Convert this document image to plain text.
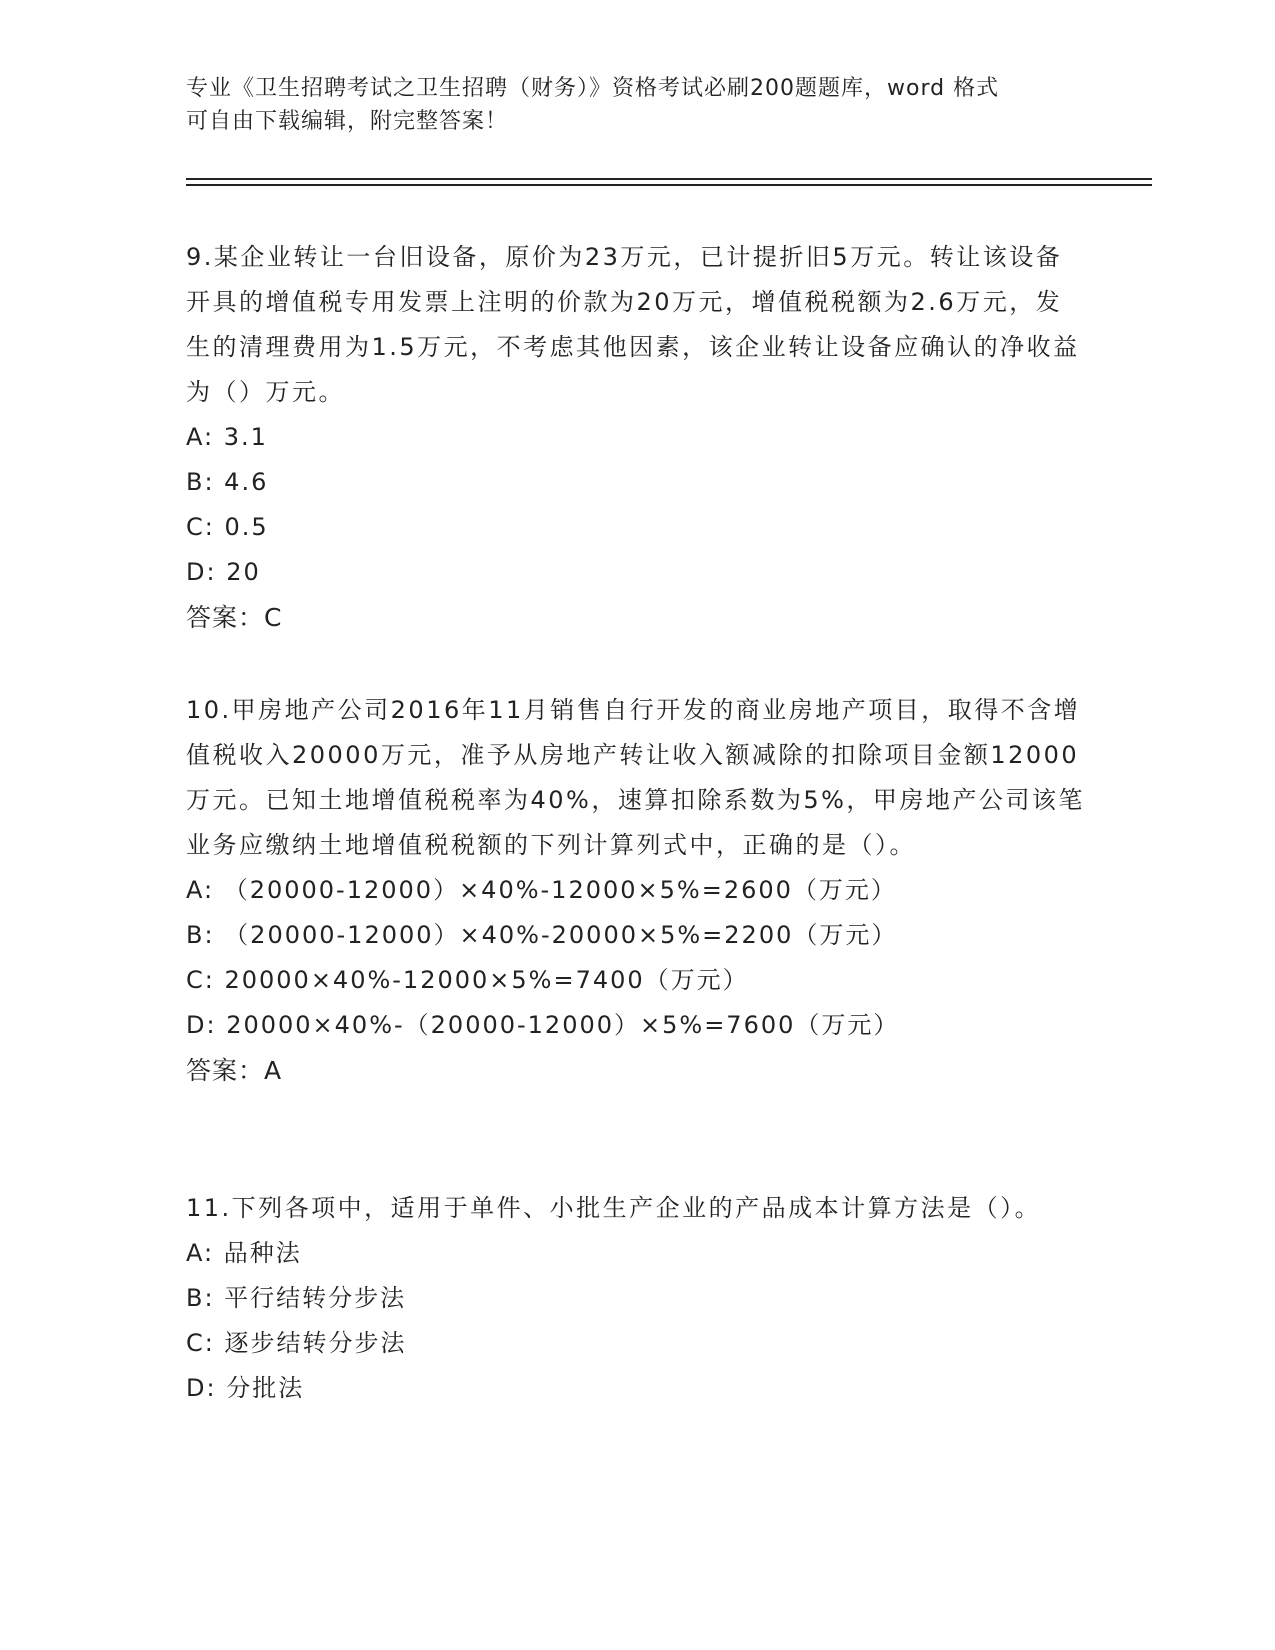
专业《卫生招聘考试之卫生招聘（财务）》资格考试必刷200题题库，word 格式
可自由下载编辑，附完整答案！

9.某企业转让一台旧设备，原价为23万元，已计提折旧5万元。转让该设备开具的增值税专用发票上注明的价款为20万元，增值税税额为2.6万元，发生的清理费用为1.5万元，不考虑其他因素，该企业转让设备应确认的净收益为（）万元。

A: 3.1

B: 4.6

C: 0.5

D: 20

答案：C

10.甲房地产公司2016年11月销售自行开发的商业房地产项目，取得不含增值税收入20000万元，准予从房地产转让收入额减除的扣除项目金额12000万元。已知土地增值税税率为40%，速算扣除系数为5%，甲房地产公司该笔业务应缴纳土地增值税税额的下列计算列式中，正确的是（）。

A: （20000-12000）×40%-12000×5%=2600（万元）

B: （20000-12000）×40%-20000×5%=2200（万元）

C: 20000×40%-12000×5%=7400（万元）

D: 20000×40%-（20000-12000）×5%=7600（万元）

答案：A

11.下列各项中，适用于单件、小批生产企业的产品成本计算方法是（）。

A: 品种法

B: 平行结转分步法

C: 逐步结转分步法

D: 分批法
